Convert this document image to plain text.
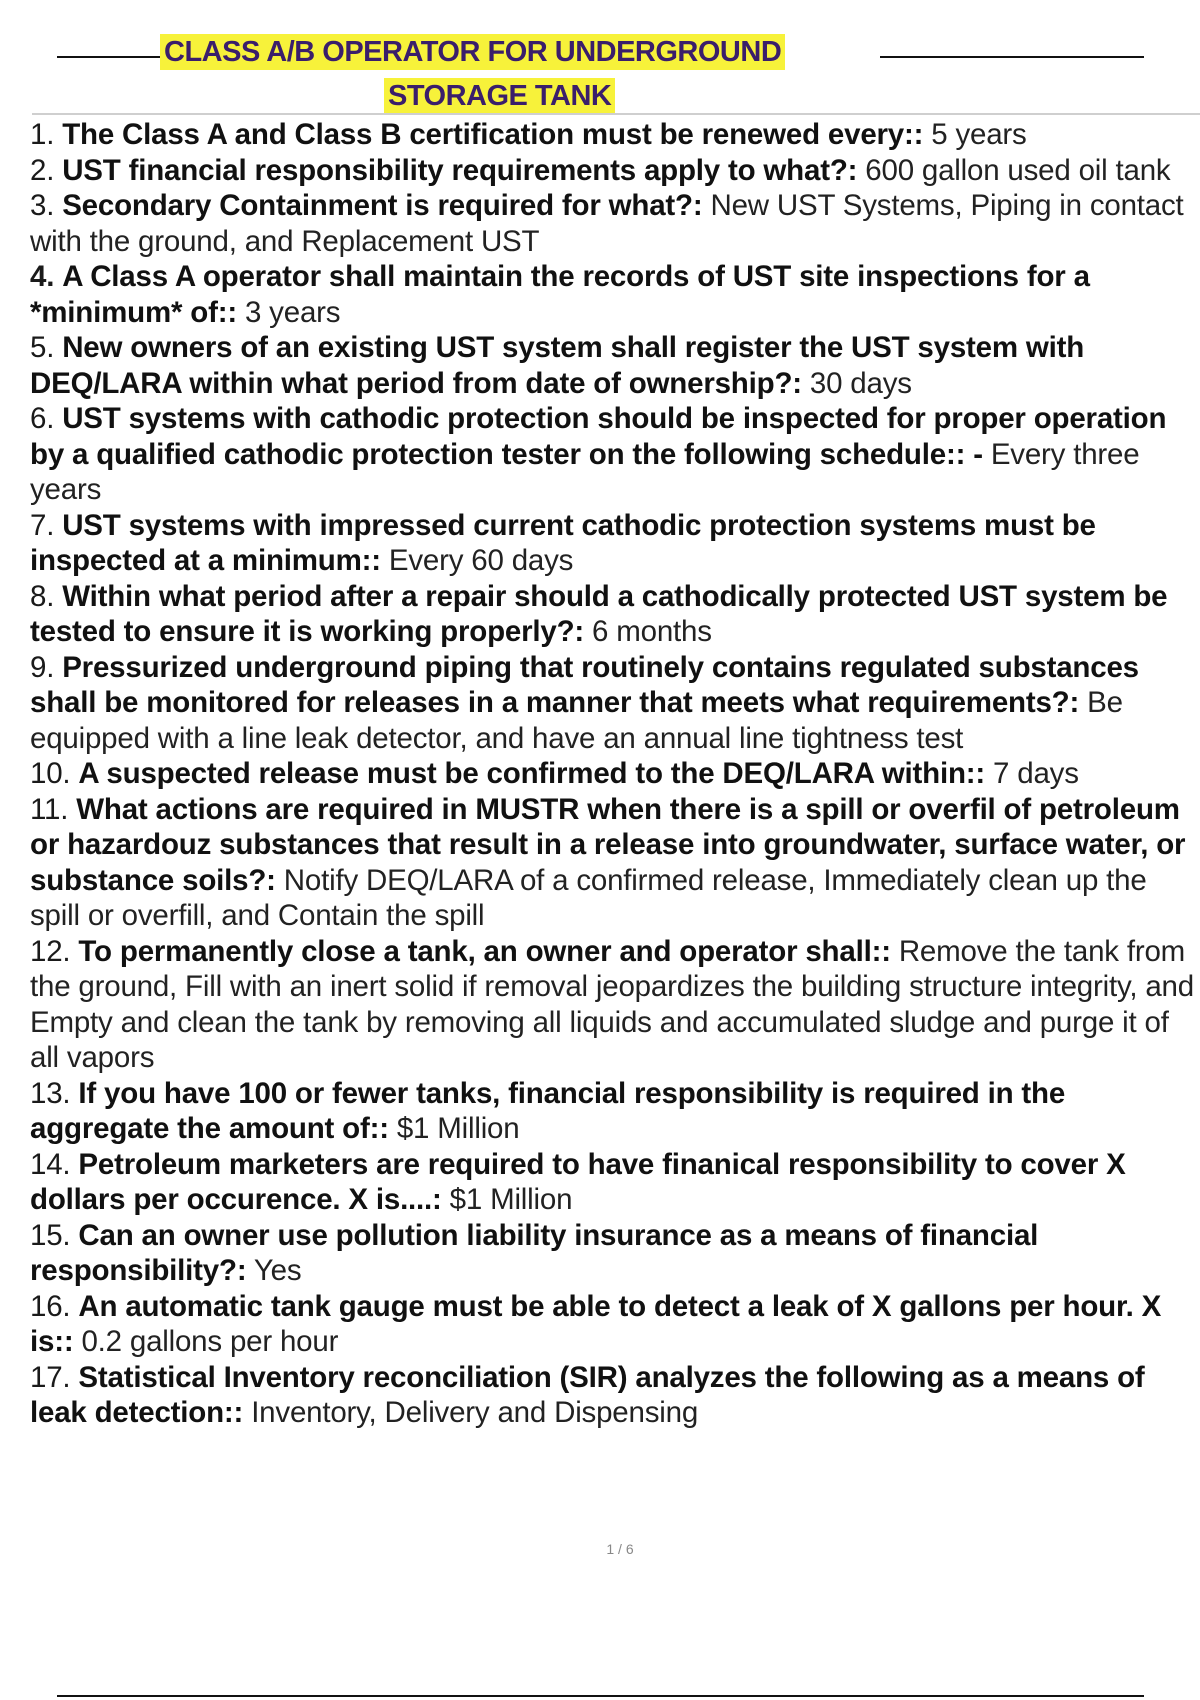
CLASS A/B OPERATOR FOR UNDERGROUND
STORAGE TANK

1. The Class A and Class B certification must be renewed every:: 5 years

2. UST financial responsibility requirements apply to what?: 600 gallon used oil tank

3. Secondary Containment is required for what?: New UST Systems, Piping in contact with the ground, and Replacement UST

4. A Class A operator shall maintain the records of UST site inspections for a *minimum* of:: 3 years

5. New owners of an existing UST system shall register the UST system with DEQ/LARA within what period from date of ownership?: 30 days

6. UST systems with cathodic protection should be inspected for proper operation by a qualified cathodic protection tester on the following schedule:: - Every three years

7. UST systems with impressed current cathodic protection systems must be inspected at a minimum:: Every 60 days

8. Within what period after a repair should a cathodically protected UST system be tested to ensure it is working properly?: 6 months

9. Pressurized underground piping that routinely contains regulated substances shall be monitored for releases in a manner that meets what requirements?: Be equipped with a line leak detector, and have an annual line tightness test

10. A suspected release must be confirmed to the DEQ/LARA within:: 7 days

11. What actions are required in MUSTR when there is a spill or overfil of petroleum or hazardouz substances that result in a release into groundwater, surface water, or substance soils?: Notify DEQ/LARA of a confirmed release, Immediately clean up the spill or overfill, and Contain the spill

12. To permanently close a tank, an owner and operator shall:: Remove the tank from the ground, Fill with an inert solid if removal jeopardizes the building structure integrity, and Empty and clean the tank by removing all liquids and accumulated sludge and purge it of all vapors

13. If you have 100 or fewer tanks, financial responsibility is required in the aggregate the amount of:: $1 Million

14. Petroleum marketers are required to have finanical responsibility to cover X dollars per occurence. X is....: $1 Million

15. Can an owner use pollution liability insurance as a means of financial responsibility?: Yes

16. An automatic tank gauge must be able to detect a leak of X gallons per hour. X is:: 0.2 gallons per hour

17. Statistical Inventory reconciliation (SIR) analyzes the following as a means of leak detection:: Inventory, Delivery and Dispensing

1 / 6
